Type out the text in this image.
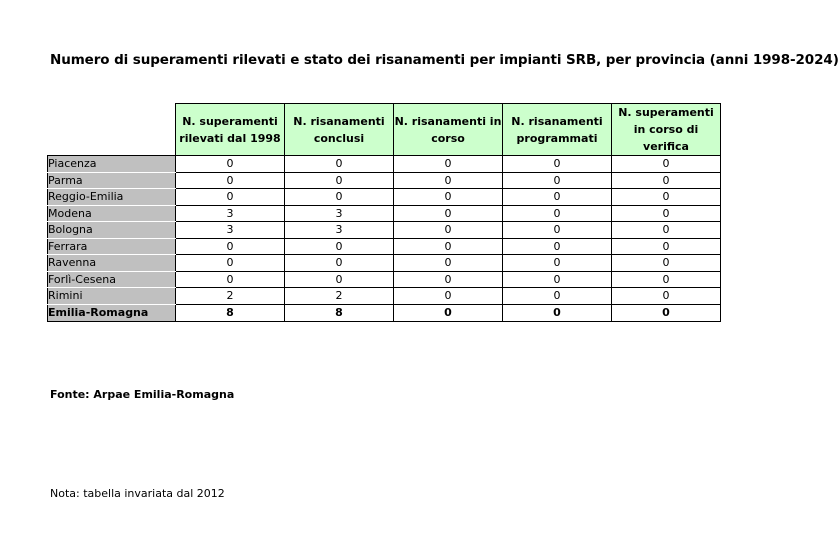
Numero di superamenti rilevati e stato dei risanamenti per impianti SRB, per provincia (anni 1998-2024)
	N. superamenti rilevati dal 1998	N. risanamenti conclusi	N. risanamenti in corso	N. risanamenti programmati	N. superamenti in corso di verifica
Piacenza	0	0	0	0	0
Parma	0	0	0	0	0
Reggio-Emilia	0	0	0	0	0
Modena	3	3	0	0	0
Bologna	3	3	0	0	0
Ferrara	0	0	0	0	0
Ravenna	0	0	0	0	0
Forlì-Cesena	0	0	0	0	0
Rimini	2	2	0	0	0
Emilia-Romagna	8	8	0	0	0
Fonte: Arpae Emilia-Romagna
Nota: tabella invariata dal 2012
